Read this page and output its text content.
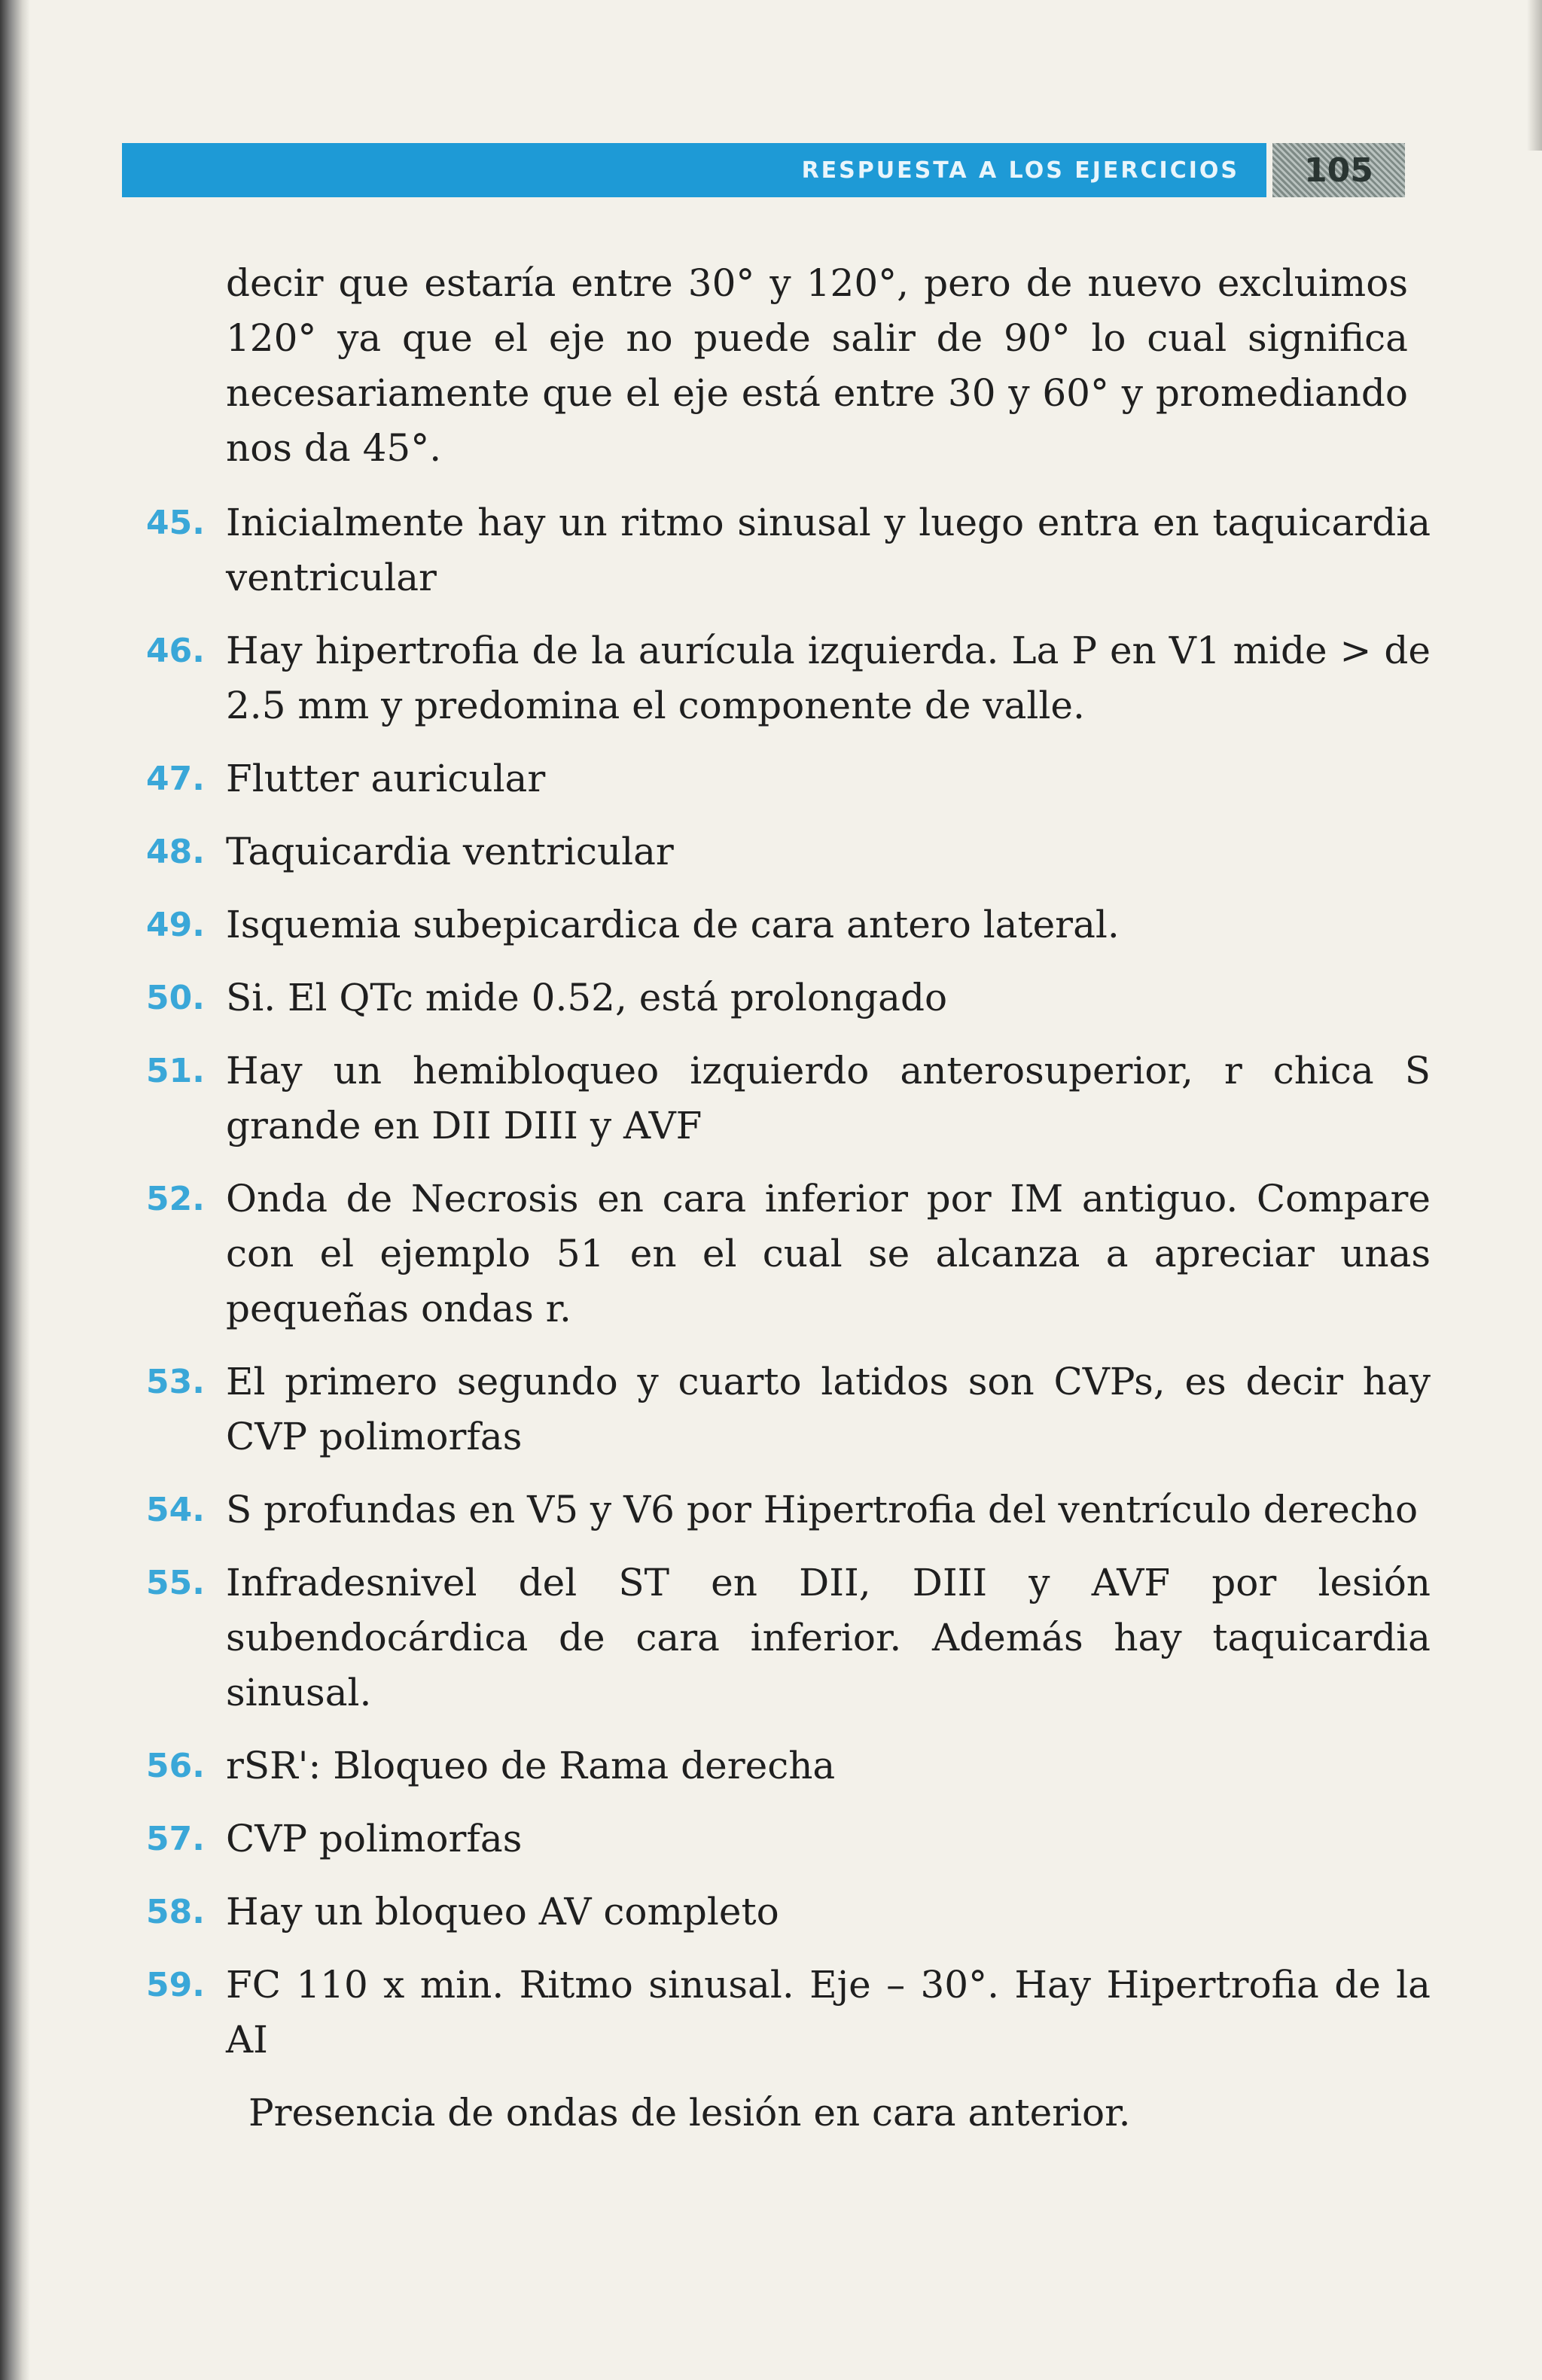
RESPUESTA A LOS EJERCICIOS 105

decir que estaría entre 30° y 120°, pero de nuevo excluimos 120° ya que el eje no puede salir de 90° lo cual significa necesariamente que el eje está entre 30 y 60° y promediando nos da 45°.

45. Inicialmente hay un ritmo sinusal y luego entra en taquicardia ventricular
46. Hay hipertrofia de la aurícula izquierda. La P en V1 mide > de 2.5 mm y predomina el componente de valle.
47. Flutter auricular
48. Taquicardia ventricular
49. Isquemia subepicardica de cara antero lateral.
50. Si. El QTc mide 0.52, está prolongado
51. Hay un hemibloqueo izquierdo anterosuperior, r chica S grande en DII DIII y AVF
52. Onda de Necrosis en cara inferior por IM antiguo. Compare con el ejemplo 51 en el cual se alcanza a apreciar unas pequeñas ondas r.
53. El primero segundo y cuarto latidos son CVPs, es decir hay CVP polimorfas
54. S profundas en V5 y V6 por Hipertrofia del ventrículo derecho
55. Infradesnivel del ST en DII, DIII y AVF por lesión subendocárdica de cara inferior. Además hay taquicardia sinusal.
56. rSR': Bloqueo de Rama derecha
57. CVP polimorfas
58. Hay un bloqueo AV completo
59. FC 110 x min. Ritmo sinusal. Eje – 30°. Hay Hipertrofia de la AI

Presencia de ondas de lesión en cara anterior.
